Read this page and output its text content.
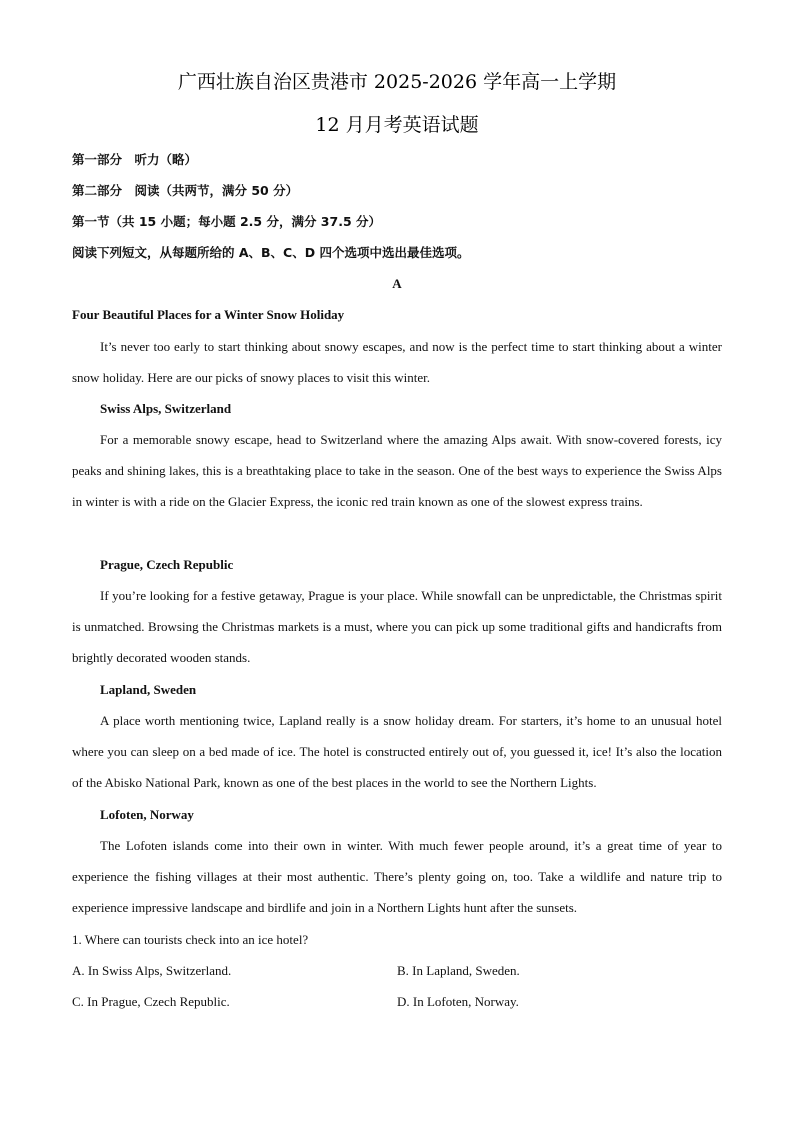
广西壮族自治区贵港市 2025-2026 学年高一上学期
12 月月考英语试题
第一部分　听力（略）
第二部分　阅读（共两节，满分 50 分）
第一节（共 15 小题；每小题 2.5 分，满分 37.5 分）
阅读下列短文，从每题所给的 A、B、C、D 四个选项中选出最佳选项。
A
Four Beautiful Places for a Winter Snow Holiday
It’s never too early to start thinking about snowy escapes, and now is the perfect time to start thinking about a winter snow holiday. Here are our picks of snowy places to visit this winter.
Swiss Alps, Switzerland
For a memorable snowy escape, head to Switzerland where the amazing Alps await. With snow-covered forests, icy peaks and shining lakes, this is a breathtaking place to take in the season. One of the best ways to experience the Swiss Alps in winter is with a ride on the Glacier Express, the iconic red train known as one of the slowest express trains.
Prague, Czech Republic
If you’re looking for a festive getaway, Prague is your place. While snowfall can be unpredictable, the Christmas spirit is unmatched. Browsing the Christmas markets is a must, where you can pick up some traditional gifts and handicrafts from brightly decorated wooden stands.
Lapland, Sweden
A place worth mentioning twice, Lapland really is a snow holiday dream. For starters, it’s home to an unusual hotel where you can sleep on a bed made of ice. The hotel is constructed entirely out of, you guessed it, ice! It’s also the location of the Abisko National Park, known as one of the best places in the world to see the Northern Lights.
Lofoten, Norway
The Lofoten islands come into their own in winter. With much fewer people around, it’s a great time of year to experience the fishing villages at their most authentic. There’s plenty going on, too. Take a wildlife and nature trip to experience impressive landscape and birdlife and join in a Northern Lights hunt after the sunsets.
1. Where can tourists check into an ice hotel?
A. In Swiss Alps, Switzerland.	B. In Lapland, Sweden.
C. In Prague, Czech Republic.	D. In Lofoten, Norway.
